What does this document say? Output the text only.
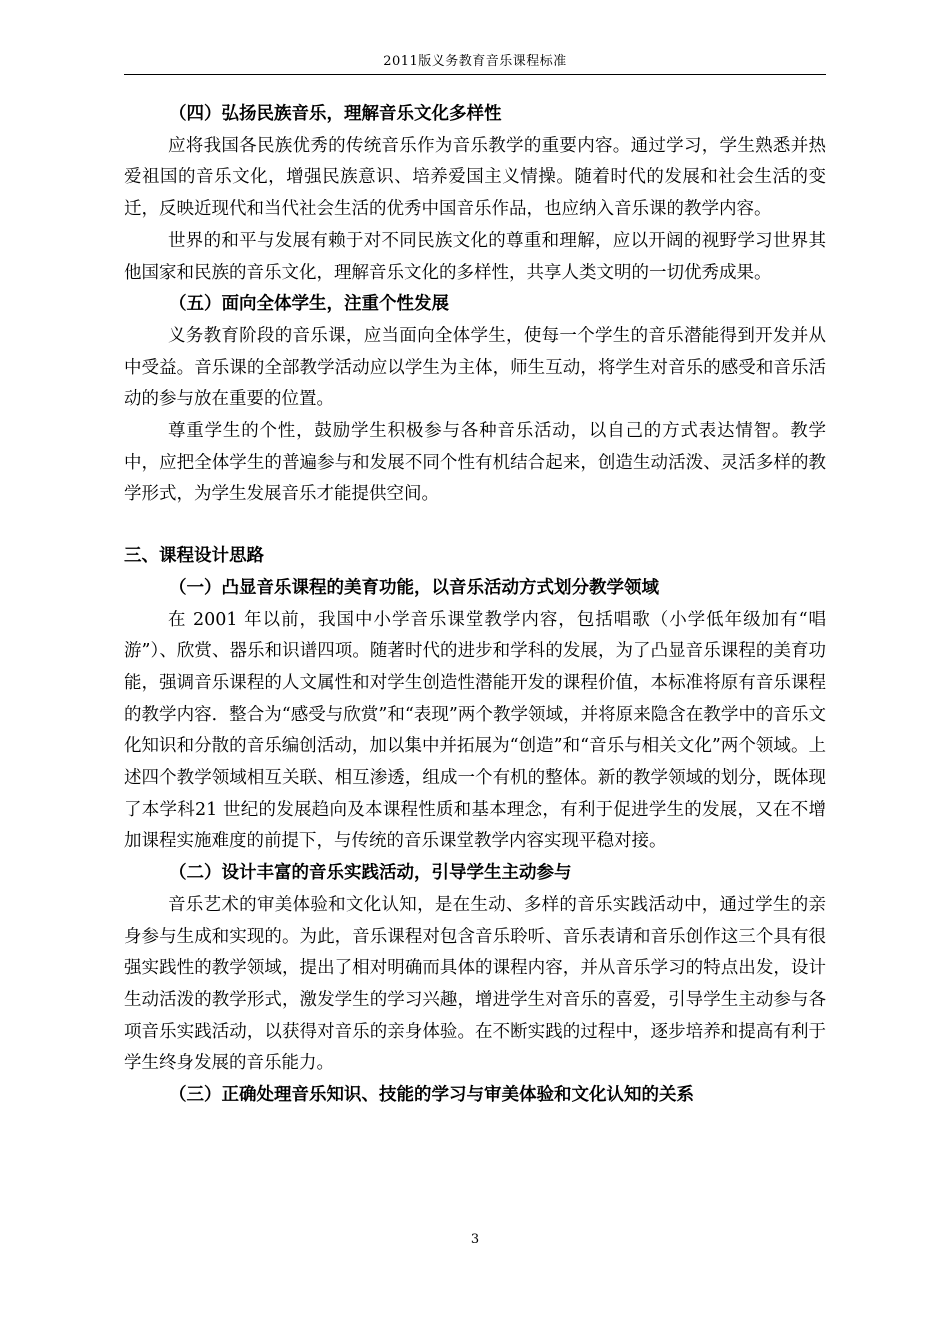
2011版义务教育音乐课程标准

（四）弘扬民族音乐，理解音乐文化多样性

应将我国各民族优秀的传统音乐作为音乐教学的重要内容。通过学习，学生熟悉并热爱祖国的音乐文化，增强民族意识、培养爱国主义情操。随着时代的发展和社会生活的变迁，反映近现代和当代社会生活的优秀中国音乐作品，也应纳入音乐课的教学内容。

世界的和平与发展有赖于对不同民族文化的尊重和理解，应以开阔的视野学习世界其他国家和民族的音乐文化，理解音乐文化的多样性，共享人类文明的一切优秀成果。

（五）面向全体学生，注重个性发展

义务教育阶段的音乐课，应当面向全体学生，使每一个学生的音乐潜能得到开发并从中受益。音乐课的全部教学活动应以学生为主体，师生互动，将学生对音乐的感受和音乐活动的参与放在重要的位置。

尊重学生的个性，鼓励学生积极参与各种音乐活动，以自己的方式表达情智。教学中，应把全体学生的普遍参与和发展不同个性有机结合起来，创造生动活泼、灵活多样的教学形式，为学生发展音乐才能提供空间。

三、课程设计思路

（一）凸显音乐课程的美育功能，以音乐活动方式划分教学领域

在 2001 年以前，我国中小学音乐课堂教学内容，包括唱歌（小学低年级加有“唱游”）、欣赏、器乐和识谱四项。随著时代的进步和学科的发展，为了凸显音乐课程的美育功能，强调音乐课程的人文属性和对学生创造性潜能开发的课程价值，本标准将原有音乐课程的教学内容．整合为“感受与欣赏”和“表现”两个教学领域，并将原来隐含在教学中的音乐文化知识和分散的音乐编创活动，加以集中并拓展为“创造”和“音乐与相关文化”两个领域。上述四个教学领域相互关联、相互渗透，组成一个有机的整体。新的教学领域的划分，既体现了本学科21 世纪的发展趋向及本课程性质和基本理念，有利于促进学生的发展，又在不增加课程实施难度的前提下，与传统的音乐课堂教学内容实现平稳对接。

（二）设计丰富的音乐实践活动，引导学生主动参与

音乐艺术的审美体验和文化认知，是在生动、多样的音乐实践活动中，通过学生的亲身参与生成和实现的。为此，音乐课程对包含音乐聆听、音乐表请和音乐创作这三个具有很强实践性的教学领域，提出了相对明确而具体的课程内容，并从音乐学习的特点出发，设计生动活泼的教学形式，激发学生的学习兴趣，增进学生对音乐的喜爱，引导学生主动参与各项音乐实践活动，以获得对音乐的亲身体验。在不断实践的过程中，逐步培养和提高有利于学生终身发展的音乐能力。

（三）正确处理音乐知识、技能的学习与审美体验和文化认知的关系

3
